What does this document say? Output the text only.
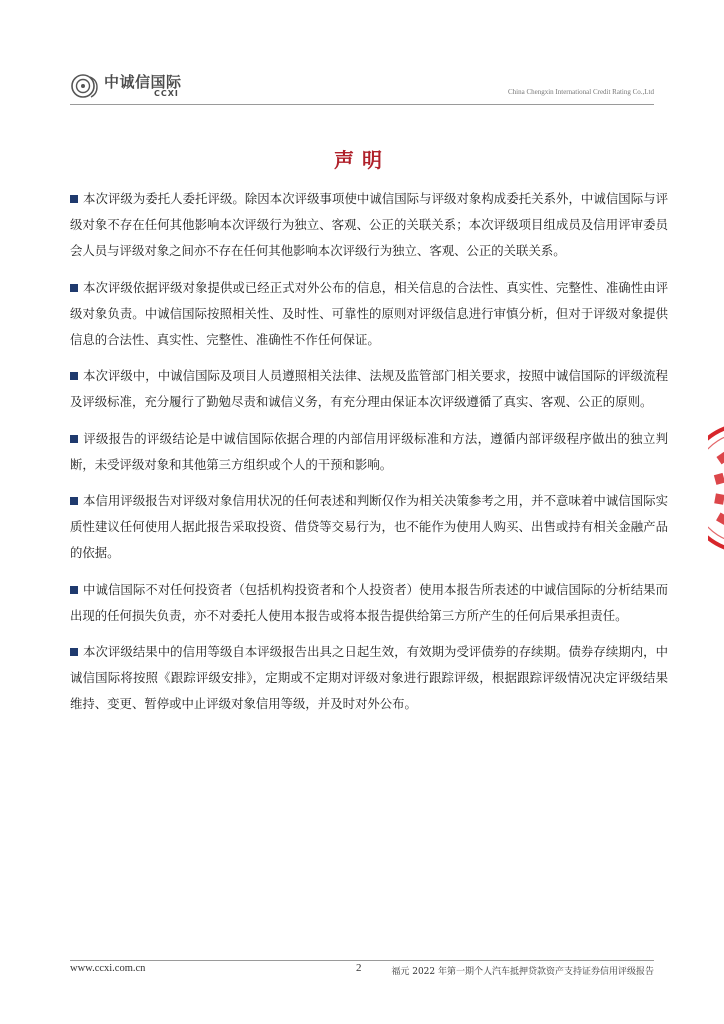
中诚信国际
CCXI	China Chengxin International Credit Rating Co.,Ltd
声明

本次评级为委托人委托评级。除因本次评级事项使中诚信国际与评级对象构成委托关系外，中诚信国际与评级对象不存在任何其他影响本次评级行为独立、客观、公正的关联关系；本次评级项目组成员及信用评审委员会人员与评级对象之间亦不存在任何其他影响本次评级行为独立、客观、公正的关联关系。

本次评级依据评级对象提供或已经正式对外公布的信息，相关信息的合法性、真实性、完整性、准确性由评级对象负责。中诚信国际按照相关性、及时性、可靠性的原则对评级信息进行审慎分析，但对于评级对象提供信息的合法性、真实性、完整性、准确性不作任何保证。

本次评级中，中诚信国际及项目人员遵照相关法律、法规及监管部门相关要求，按照中诚信国际的评级流程及评级标准，充分履行了勤勉尽责和诚信义务，有充分理由保证本次评级遵循了真实、客观、公正的原则。

评级报告的评级结论是中诚信国际依据合理的内部信用评级标准和方法，遵循内部评级程序做出的独立判断，未受评级对象和其他第三方组织或个人的干预和影响。

本信用评级报告对评级对象信用状况的任何表述和判断仅作为相关决策参考之用，并不意味着中诚信国际实质性建议任何使用人据此报告采取投资、借贷等交易行为，也不能作为使用人购买、出售或持有相关金融产品的依据。

中诚信国际不对任何投资者（包括机构投资者和个人投资者）使用本报告所表述的中诚信国际的分析结果而出现的任何损失负责，亦不对委托人使用本报告或将本报告提供给第三方所产生的任何后果承担责任。

本次评级结果中的信用等级自本评级报告出具之日起生效，有效期为受评债券的存续期。债券存续期内，中诚信国际将按照《跟踪评级安排》，定期或不定期对评级对象进行跟踪评级，根据跟踪评级情况决定评级结果维持、变更、暂停或中止评级对象信用等级，并及时对外公布。

www.ccxi.com.cn	2	福元 2022 年第一期个人汽车抵押贷款资产支持证券信用评级报告
